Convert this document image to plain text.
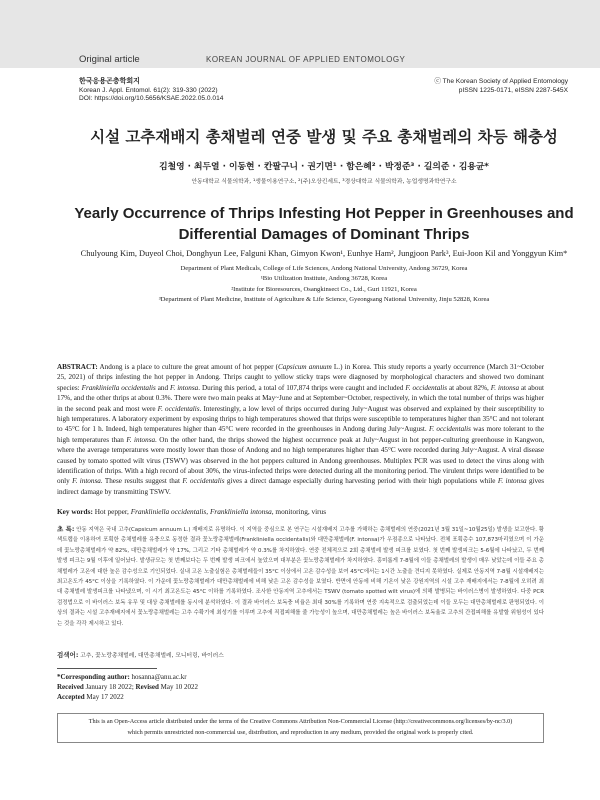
Original article	KOREAN JOURNAL OF APPLIED ENTOMOLOGY
한국응용곤충학회지
Korean J. Appl. Entomol. 61(2): 319-330 (2022)
DOI: https://doi.org/10.5656/KSAE.2022.05.0.014
ⓒ The Korean Society of Applied Entomology
pISSN 1225-0171, eISSN 2287-545X
시설 고추재배지 총채벌레 연중 발생 및 주요 총채벌레의 차등 해충성
김철영 · 최두열 · 이동현 · 칸팔구니 · 권기면¹ · 함은혜² · 박정준³ · 길의준 · 김용균*
안동대학교 식물의학과, ¹생물이용연구소, ²(주)오상킨세트, ³경상대학교 식물의학과, 농업생명과학연구소
Yearly Occurrence of Thrips Infesting Hot Pepper in Greenhouses and
Differential Damages of Dominant Thrips
Chulyoung Kim, Duyeol Choi, Donghyun Lee, Falguni Khan, Gimyon Kwon¹, Eunhye Ham², Jungjoon Park³, Eui-Joon Kil and Yonggyun Kim*
Department of Plant Medicals, College of Life Sciences, Andong National University, Andong 36729, Korea
¹Bio Utilization Institute, Andong 36728, Korea
²Institute for Bioresources, Osangkinsect Co., Ltd., Guri 11921, Korea
³Department of Plant Medicine, Institute of Agriculture & Life Science, Gyeongsang National University, Jinju 52828, Korea
ABSTRACT: Andong is a place to culture the great amount of hot pepper (Capsicum annuum L.) in Korea. This study reports a yearly occurrence (March 31~October 25, 2021) of thrips infesting the hot pepper in Andong. Thrips caught to yellow sticky traps were diagnosed by morphological characters and showed two dominant species: Frankliniella occidentalis and F. intonsa. During this period, a total of 107,874 thrips were caught and included F. occidentalis at about 82%, F. intonsa at about 17%, and the other thrips at about 0.3%. There were two main peaks at May~June and at September~October, respectively, in which the total number of thrips was higher in the second peak and most were F. occidentalis. Interestingly, a low level of thrips occurred during July~August was observed and explained by their susceptibility to high temperatures. A laboratory experiment by exposing thrips to high temperatures showed that thrips were susceptible to temperatures higher than 35°C and not tolerant to 45°C for 1 h. Indeed, high temperatures higher than 45°C were recorded in the greenhouses in Andong during July~August. F. occidentalis was more tolerant to the high temperatures than F. intonsa. On the other hand, the thrips showed the highest occurrence peak at July~August in hot pepper-culturing greenhouse in Kangwon, where the average temperatures were mostly lower than those of Andong and no high temperatures higher than 45°C were recorded during July~August. A viral disease caused by tomato spotted wilt virus (TSWV) was observed in the hot peppers cultured in Andong greenhouses. Multiplex PCR was used to detect the virus along with identification of thrips. With a high record of about 30%, the virus-infected thrips were detected during all the monitoring period. The virulent thrips were identified to be only F. intonsa. These results suggest that F. occidentalis gives a direct damage especially during harvesting period with their high populations while F. intonsa gives indirect damage by transmitting TSWV.
Key words: Hot pepper, Frankliniella occidentalis, Frankliniella intonsa, monitoring, virus
초 록: 안동 지역은 국내 고추(Capsicum annuum L.) 재배지로 유명하다. 이 지역을 중심으로 본 연구는 시설재배지 고추를 가해하는 총채벌레의 연중(2021년 3월 31일~10월25일) 발생을 보고한다. 황색트랩을 이용하여 포획한 총채벌레를 유충으로 동정한 결과 꽃노랑총채벌레(Frankliniella occidentalis)와 대만총채벌레(F. intonsa)가 우점종으로 나타났다. 전체 포획총수 107,873마리였으며 이 가운데 꽃노랑총채벌레가 약 82%, 대만총채벌레가 약 17%, 그리고 기타 총채벌레가 약 0.3%를 차지하였다. 연중 전체적으로 2회 총채벌레 발생 피크를 보였다. 첫 번째 발생피크는 5-6월에 나타났고, 두 번째 발생 피크는 9월 이후에 일어났다. 발생규모는 첫 번째보다는 두 번째 발생 피크에서 높았으며 대부분은 꽃노랑총채벌레가 차지하였다. 흥미롭게 7-8월에 이들 총채벌레의 발생이 매우 낮았는데 이들 주요 총채벌레가 고온에 대한 높은 감수성으로 기인되었다. 실내 고온 노출실험은 총채벌레들이 35°C 이상에서 고온 감수성을 보여 45°C에서는 1시간 노출을 견디지 못하였다. 실제로 안동지역 7-8월 시설재배지는 최고온도가 45°C 이상을 기록하였다. 이 가운데 꽃노랑총채벌레가 대만총채벌레에 비해 낮은 고온 감수성을 보였다. 반면에 안동에 비해 기온이 낮은 강원지역의 시설 고추 재배지에서는 7-8월에 오히려 최대 총채벌레 발생피크를 나타냈으며, 이 시기 최고온도는 45°C 이하를 기록하였다. 조사한 안동지역 고추에서는 TSWV (tomato spotted wilt virus)에 의해 발병되는 바이러스병이 발생하였다. 다중 PCR 검정법으로 이 바이러스 보독 유무 및 대상 총채벌레를 동시에 분석하였다. 이 결과 바이러스 보독충 비율은 최대 30%를 기록하며 연중 지속적으로 검출되었는데 이들 모두는 대만총채벌레로 판명되었다. 이상의 결과는 시설 고추재배지에서 꽃노랑총채벌레는 고추 수확기에 최성기를 이루며 고추에 직접피해를 줄 가능성이 높으며, 대만총채벌레는 높은 바이러스 보독율로 고추의 간접피해를 유발할 위험성이 있다는 것을 각각 제시하고 있다.
검색어: 고추, 꽃노랑총채벌레, 대만총채벌레, 모니터링, 바이러스
*Corresponding author: hosanna@anu.ac.kr
Received January 18 2022; Revised May 10 2022
Accepted May 17 2022
This is an Open-Access article distributed under the terms of the Creative Commons Attribution Non-Commercial License (http://creativecommons.org/licenses/by-nc/3.0)
which permits unrestricted non-commercial use, distribution, and reproduction in any medium, provided the original work is properly cited.
